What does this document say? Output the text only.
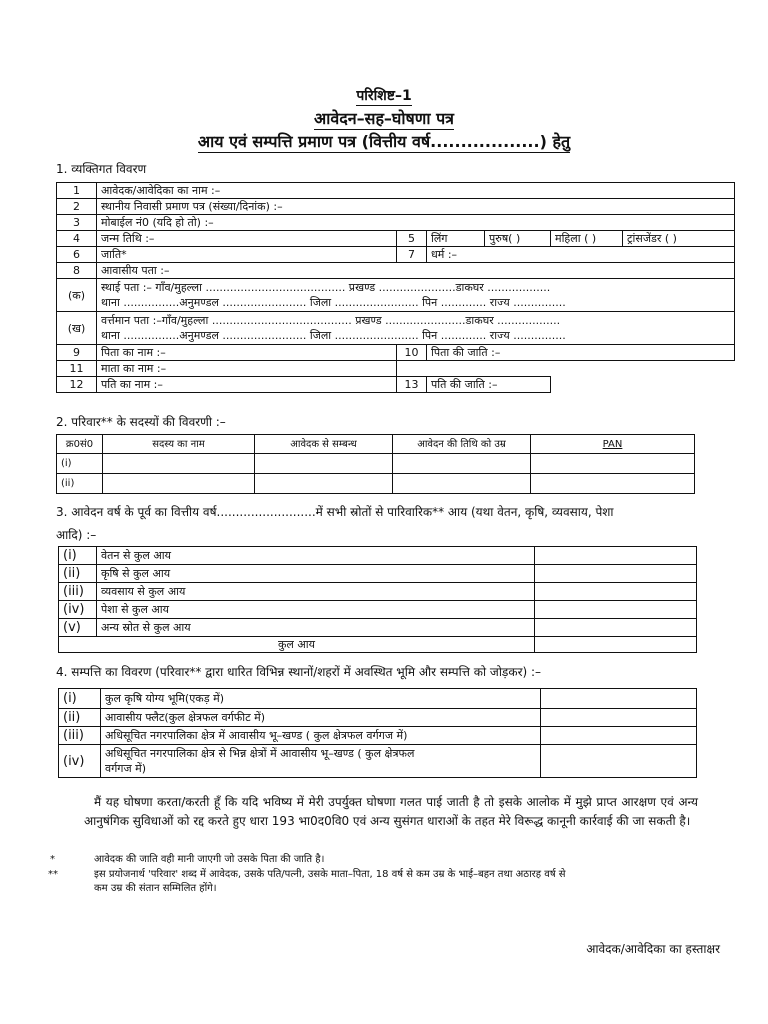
परिशिष्ट–1
आवेदन–सह–घोषणा पत्र
आय एवं सम्पत्ति प्रमाण पत्र (वित्तीय वर्ष..................) हेतु
1. व्यक्तिगत विवरण
1	आवेदक/आवेदिका का नाम :–					
2	स्थानीय निवासी प्रमाण पत्र (संख्या/दिनांक) :–					
3	मोबाईल नं0 (यदि हो तो) :–					
4	जन्म तिथि :–	5	लिंग	पुरुष( )	महिला ( )	ट्रांसजेंडर ( )
6	जाति*	7	धर्म :–			
8	आवासीय पता :–					
(क)	स्थाई पता :– गाँव/मुहल्ला ........................................ प्रखण्ड ......................डाकघर ..................
थाना ................अनुमण्डल ........................ जिला ........................ पिन ............. राज्य ...............					

(ख)	वर्त्तमान पता :–गाँव/मुहल्ला ........................................ प्रखण्ड .......................डाकघर ..................
थाना ................अनुमण्डल ........................ जिला ........................ पिन ............. राज्य ...............					

9	पिता का नाम :–	10	पिता की जाति :–			
11	माता का नाम :–					
12	पति का नाम :–	13	पति की जाति :–			
2. परिवार** के सदस्यों की विवरणी :–
क्र0सं0	सदस्य का नाम	आवेदक से सम्बन्ध	आवेदन की तिथि को उम्र	PAN
(i)				
(ii)				
3. आवेदन वर्ष के पूर्व का वित्तीय वर्ष..........................में सभी स्रोतों से पारिवारिक** आय (यथा वेतन, कृषि, व्यवसाय, पेशा
आदि) :–
(i)	वेतन से कुल आय	
(ii)	कृषि से कुल आय	
(iii)	व्यवसाय से कुल आय	
(iv)	पेशा से कुल आय	
(v)	अन्य स्रोत से कुल आय	
कुल आय		
4. सम्पत्ति का विवरण (परिवार** द्वारा धारित विभिन्न स्थानों/शहरों में अवस्थित भूमि और सम्पत्ति को जोड़कर) :–
(i)	कुल कृषि योग्य भूमि(एकड़ में)	
(ii)	आवासीय फ्लैट(कुल क्षेत्रफल वर्गफीट में)	
(iii)	अधिसूचित नगरपालिका क्षेत्र में आवासीय भू–खण्ड ( कुल क्षेत्रफल वर्गगज में)	
(iv)	अधिसूचित नगरपालिका क्षेत्र से भिन्न क्षेत्रों में आवासीय भू–खण्ड ( कुल क्षेत्रफल
वर्गगज में)	

मैं यह घोषणा करता/करती हूँ कि यदि भविष्य में मेरी उपर्युक्त घोषणा गलत पाई जाती है तो इसके आलोक में मुझे प्राप्त आरक्षण एवं अन्य आनुषंगिक सुविधाओं को रद्द करते हुए धारा 193 भा0द0वि0 एवं अन्य सुसंगत धाराओं के तहत मेरे विरूद्ध कानूनी कार्रवाई की जा सकती है।
*	आवेदक की जाति वही मानी जाएगी जो उसके पिता की जाति है।
**	इस प्रयोजनार्थ 'परिवार' शब्द में आवेदक, उसके पति/पत्नी, उसके माता–पिता, 18 वर्ष से कम उम्र के भाई–बहन तथा अठारह वर्ष से
कम उम्र की संतान सम्मिलित होंगे।
आवेदक/आवेदिका का हस्ताक्षर
